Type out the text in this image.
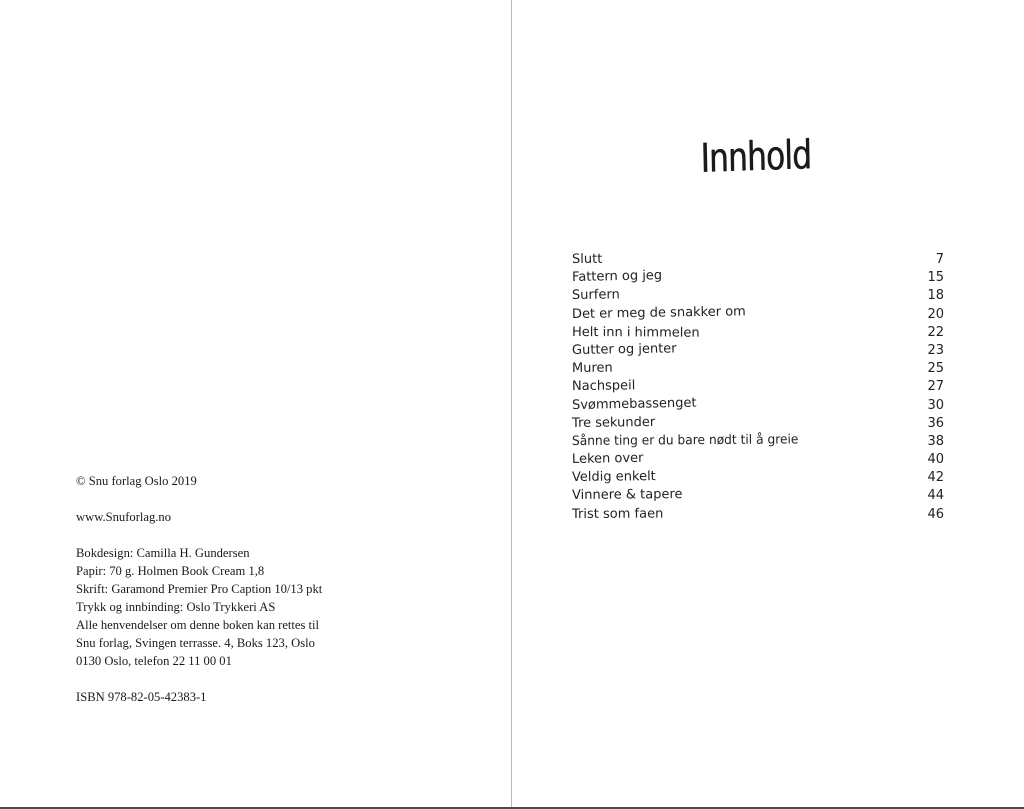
© Snu forlag Oslo 2019
www.Snuforlag.no
Bokdesign: Camilla H. Gundersen
Papir: 70 g. Holmen Book Cream 1,8
Skrift: Garamond Premier Pro Caption 10/13 pkt
Trykk og innbinding: Oslo Trykkeri AS
Alle henvendelser om denne boken kan rettes til
Snu forlag, Svingen terrasse. 4, Boks 123, Oslo
0130 Oslo, telefon 22 11 00 01
ISBN 978-82-05-42383-1
Innhold
Slutt	7
Fattern og jeg	15
Surfern	18
Det er meg de snakker om	20
Helt inn i himmelen	22
Gutter og jenter	23
Muren	25
Nachspeil	27
Svømmebassenget	30
Tre sekunder	36
Sånne ting er du bare nødt til å greie	38
Leken over	40
Veldig enkelt	42
Vinnere & tapere	44
Trist som faen	46
